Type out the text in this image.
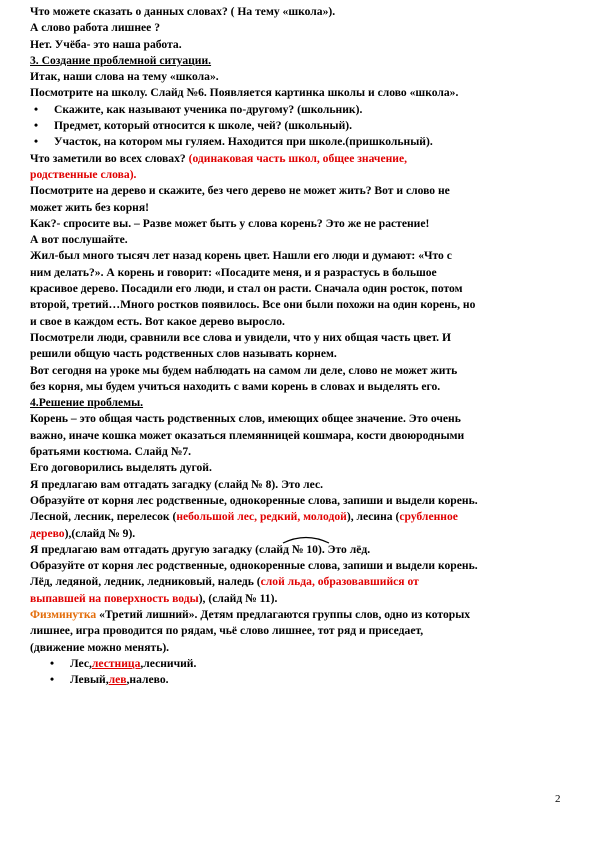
Что можете сказать о данных словах? ( На тему «школа»).
А слово работа лишнее ?
Нет. Учёба- это наша работа.
3. Создание проблемной ситуации.
Итак, наши слова на тему «школа».
Посмотрите на школу. Слайд №6. Появляется картинка школы и слово «школа».
• Скажите, как называют ученика по-другому? (школьник).
• Предмет, который относится к школе, чей? (школьный).
• Участок, на котором мы гуляем. Находится при школе.(пришкольный).
Что заметили во всех словах? (одинаковая часть школ, общее значение,
родственные слова).
Посмотрите на дерево и скажите, без чего дерево не может жить? Вот и слово не
может жить без корня!
Как?- спросите вы. – Разве может быть у слова корень? Это же не растение!
А вот послушайте.
Жил-был много тысяч лет назад корень цвет. Нашли его люди и думают: «Что с
ним делать?». А корень и говорит: «Посадите меня, и я разрастусь в большое
красивое дерево. Посадили его люди, и стал он расти. Сначала один росток, потом
второй, третий…Много ростков появилось. Все они были похожи на один корень, но
и свое в каждом есть. Вот какое дерево выросло.
Посмотрели люди, сравнили все слова и увидели, что у них общая часть цвет. И
решили общую часть родственных слов называть корнем.
Вот сегодня на уроке мы будем наблюдать на самом ли деле, слово не может жить
без корня, мы будем учиться находить с вами корень в словах и выделять его.
4.Решение проблемы.
Корень – это общая часть родственных слов, имеющих общее значение. Это очень
важно, иначе кошка может оказаться племянницей кошмара, кости двоюродными
братьями костюма. Слайд №7.
Его договорились выделять дугой.
Я предлагаю вам отгадать загадку (слайд № 8). Это лес.
Образуйте от корня лес родственные, однокоренные слова, запиши и выдели корень.
Лесной, лесник, перелесок (небольшой лес, редкий, молодой), лесина (срубленное
дерево),(слайд № 9).
Я предлагаю вам отгадать другую загадку (слайд № 10). Это лёд.
Образуйте от корня лес родственные, однокоренные слова, запиши и выдели корень.
Лёд, ледяной, ледник, ледниковый, наледь (слой льда, образовавшийся от
выпавшей на поверхность воды), (слайд № 11).
Физминутка «Третий лишний». Детям предлагаются группы слов, одно из которых
лишнее, игра проводится по рядам, чьё слово лишнее, тот ряд и приседает,
(движение можно менять).
• Лес,лестница,лесничий.
• Левый,лев,налево.
2
